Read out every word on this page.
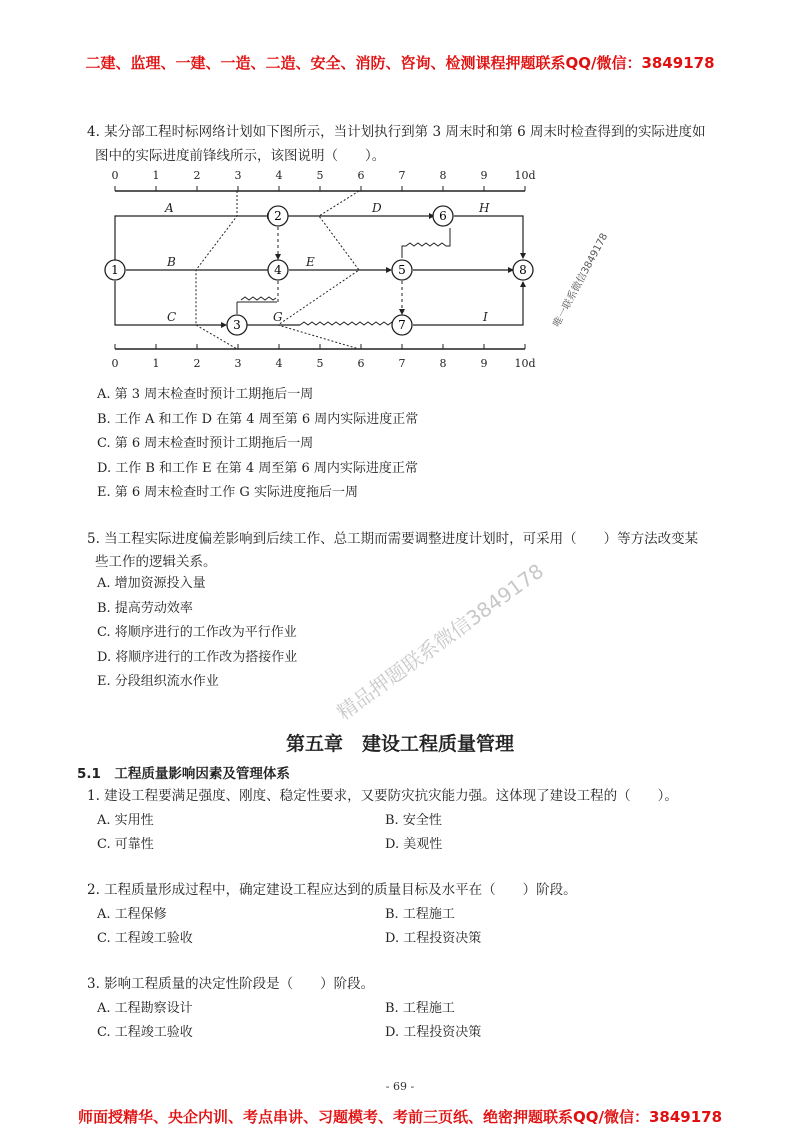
二建、监理、一建、一造、二造、安全、消防、咨询、检测课程押题联系QQ/微信：3849178
4. 某分部工程时标网络计划如下图所示，当计划执行到第 3 周末时和第 6 周末时检查得到的实际进度如
图中的实际进度前锋线所示，该图说明（　　）。
0	1	2	3	4	5	6	7	8	9 10d
0	1	2	3	4	5	6	7	8	9 10d
1
2
3
4	5
6
7
8
A
B
C
D
E
G
H
I	唯一联系微信3849178
A. 第 3 周末检查时预计工期拖后一周
B. 工作 A 和工作 D 在第 4 周至第 6 周内实际进度正常
C. 第 6 周末检查时预计工期拖后一周
D. 工作 B 和工作 E 在第 4 周至第 6 周内实际进度正常
E. 第 6 周末检查时工作 G 实际进度拖后一周
5. 当工程实际进度偏差影响到后续工作、总工期而需要调整进度计划时，可采用（　　）等方法改变某
些工作的逻辑关系。
A. 增加资源投入量
B. 提高劳动效率
C. 将顺序进行的工作改为平行作业
D. 将顺序进行的工作改为搭接作业
E. 分段组织流水作业	精品押题联系微信3849178
第五章　建设工程质量管理
5.1　工程质量影响因素及管理体系
1. 建设工程要满足强度、刚度、稳定性要求，又要防灾抗灾能力强。这体现了建设工程的（　　）。
A. 实用性	B. 安全性
C. 可靠性	D. 美观性
2. 工程质量形成过程中，确定建设工程应达到的质量目标及水平在（　　）阶段。
A. 工程保修	B. 工程施工
C. 工程竣工验收	D. 工程投资决策
3. 影响工程质量的决定性阶段是（　　）阶段。
A. 工程勘察设计	B. 工程施工
C. 工程竣工验收	D. 工程投资决策
- 69 -
师面授精华、央企内训、考点串讲、习题模考、考前三页纸、绝密押题联系QQ/微信：3849178
